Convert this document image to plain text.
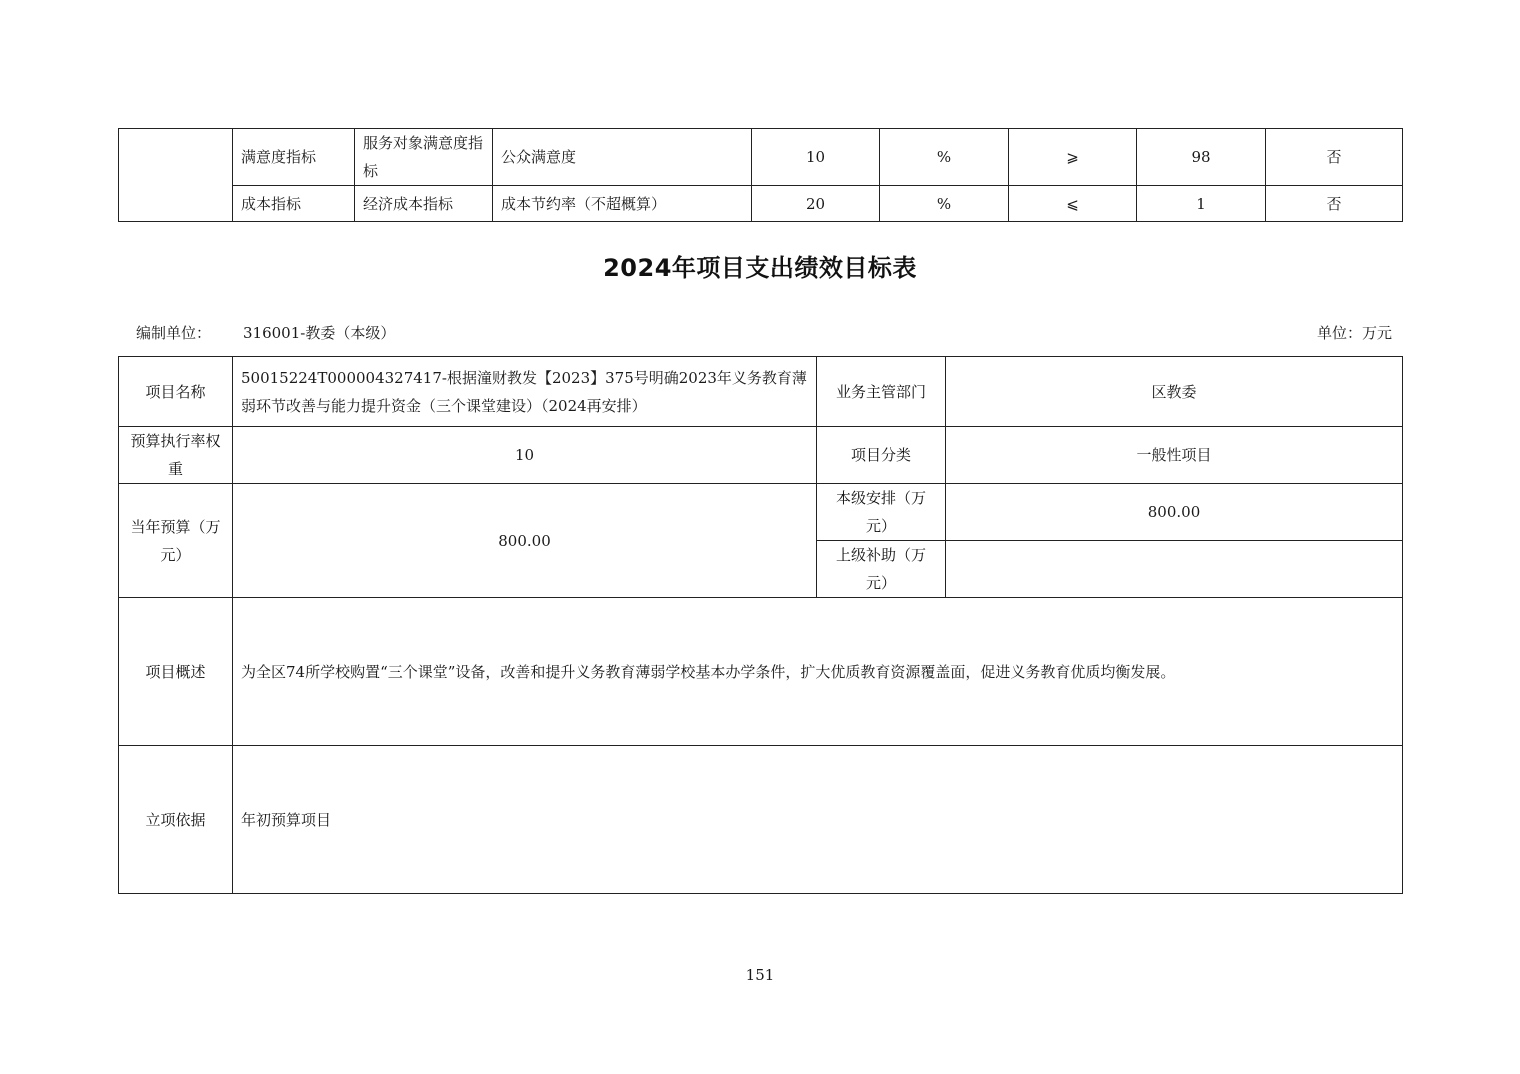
	满意度指标	服务对象满意度指标	公众满意度	10	%	⩾	98	否
	成本指标	经济成本指标	成本节约率（不超概算）	20	%	⩽	1	否
2024年项目支出绩效目标表
编制单位： 316001-教委（本级）	单位：万元
项目名称	50015224T000004327417-根据潼财教发【2023】375号明确2023年义务教育薄弱环节改善与能力提升资金（三个课堂建设）（2024再安排）	业务主管部门	区教委
预算执行率权重	10	项目分类	一般性项目
当年预算（万元）	800.00	本级安排（万元）	800.00
		上级补助（万元）	
项目概述	为全区74所学校购置“三个课堂”设备，改善和提升义务教育薄弱学校基本办学条件，扩大优质教育资源覆盖面，促进义务教育优质均衡发展。		
立项依据	年初预算项目		
151
